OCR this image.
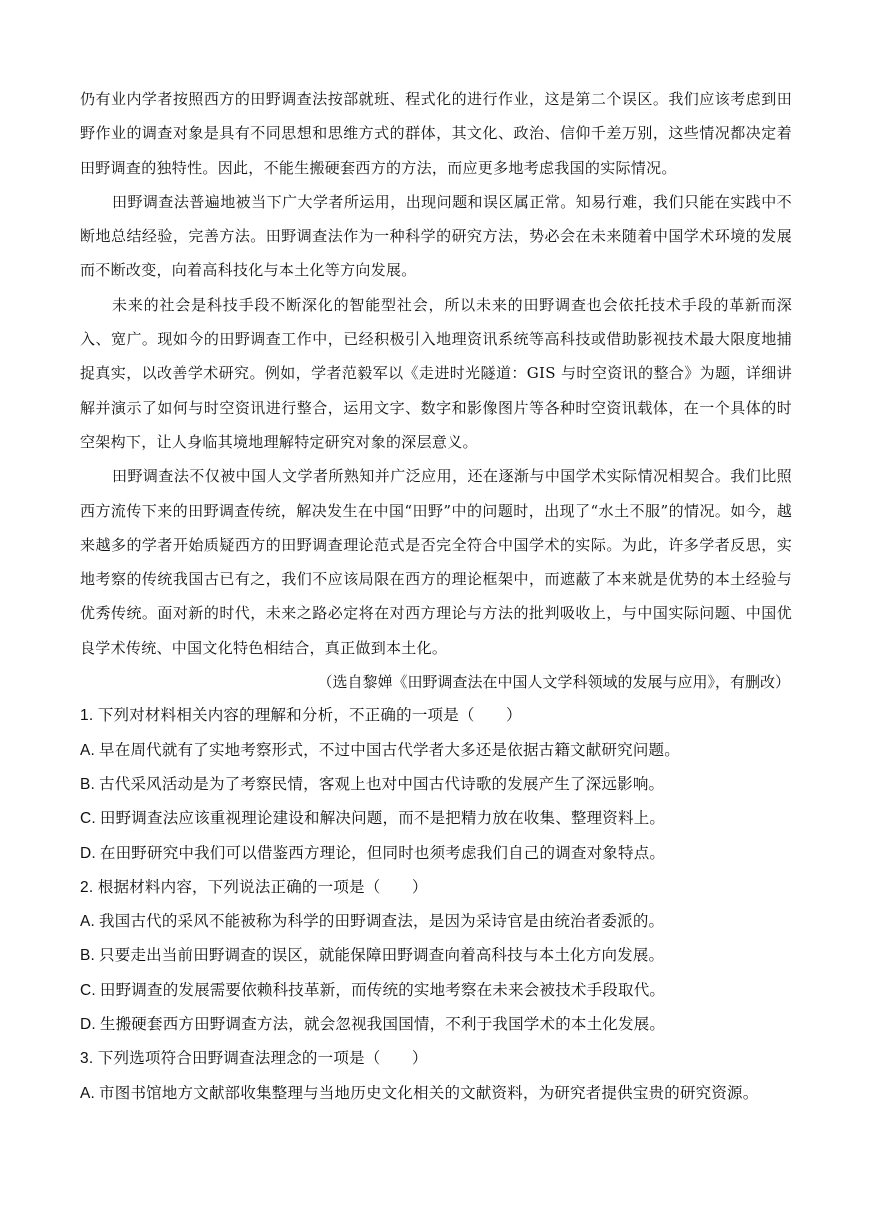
仍有业内学者按照西方的田野调查法按部就班、程式化的进行作业，这是第二个误区。我们应该考虑到田野作业的调查对象是具有不同思想和思维方式的群体，其文化、政治、信仰千差万别，这些情况都决定着田野调查的独特性。因此，不能生搬硬套西方的方法，而应更多地考虑我国的实际情况。

田野调查法普遍地被当下广大学者所运用，出现问题和误区属正常。知易行难，我们只能在实践中不断地总结经验，完善方法。田野调查法作为一种科学的研究方法，势必会在未来随着中国学术环境的发展而不断改变，向着高科技化与本土化等方向发展。

未来的社会是科技手段不断深化的智能型社会，所以未来的田野调查也会依托技术手段的革新而深入、宽广。现如今的田野调查工作中，已经积极引入地理资讯系统等高科技或借助影视技术最大限度地捕捉真实，以改善学术研究。例如，学者范毅军以《走进时光隧道：GIS 与时空资讯的整合》为题，详细讲解并演示了如何与时空资讯进行整合，运用文字、数字和影像图片等各种时空资讯载体，在一个具体的时空架构下，让人身临其境地理解特定研究对象的深层意义。

田野调查法不仅被中国人文学者所熟知并广泛应用，还在逐渐与中国学术实际情况相契合。我们比照西方流传下来的田野调查传统，解决发生在中国“田野”中的问题时，出现了“水土不服”的情况。如今，越来越多的学者开始质疑西方的田野调查理论范式是否完全符合中国学术的实际。为此，许多学者反思，实地考察的传统我国古已有之，我们不应该局限在西方的理论框架中，而遮蔽了本来就是优势的本土经验与优秀传统。面对新的时代，未来之路必定将在对西方理论与方法的批判吸收上，与中国实际问题、中国优良学术传统、中国文化特色相结合，真正做到本土化。

（选自黎婵《田野调查法在中国人文学科领域的发展与应用》，有删改）

1. 下列对材料相关内容的理解和分析，不正确的一项是（　　）

A. 早在周代就有了实地考察形式，不过中国古代学者大多还是依据古籍文献研究问题。

B. 古代采风活动是为了考察民情，客观上也对中国古代诗歌的发展产生了深远影响。

C. 田野调查法应该重视理论建设和解决问题，而不是把精力放在收集、整理资料上。

D. 在田野研究中我们可以借鉴西方理论，但同时也须考虑我们自己的调查对象特点。

2. 根据材料内容，下列说法正确的一项是（　　）

A. 我国古代的采风不能被称为科学的田野调查法，是因为采诗官是由统治者委派的。

B. 只要走出当前田野调查的误区，就能保障田野调查向着高科技与本土化方向发展。

C. 田野调查的发展需要依赖科技革新，而传统的实地考察在未来会被技术手段取代。

D. 生搬硬套西方田野调查方法，就会忽视我国国情，不利于我国学术的本土化发展。

3. 下列选项符合田野调查法理念的一项是（　　）

A. 市图书馆地方文献部收集整理与当地历史文化相关的文献资料，为研究者提供宝贵的研究资源。
